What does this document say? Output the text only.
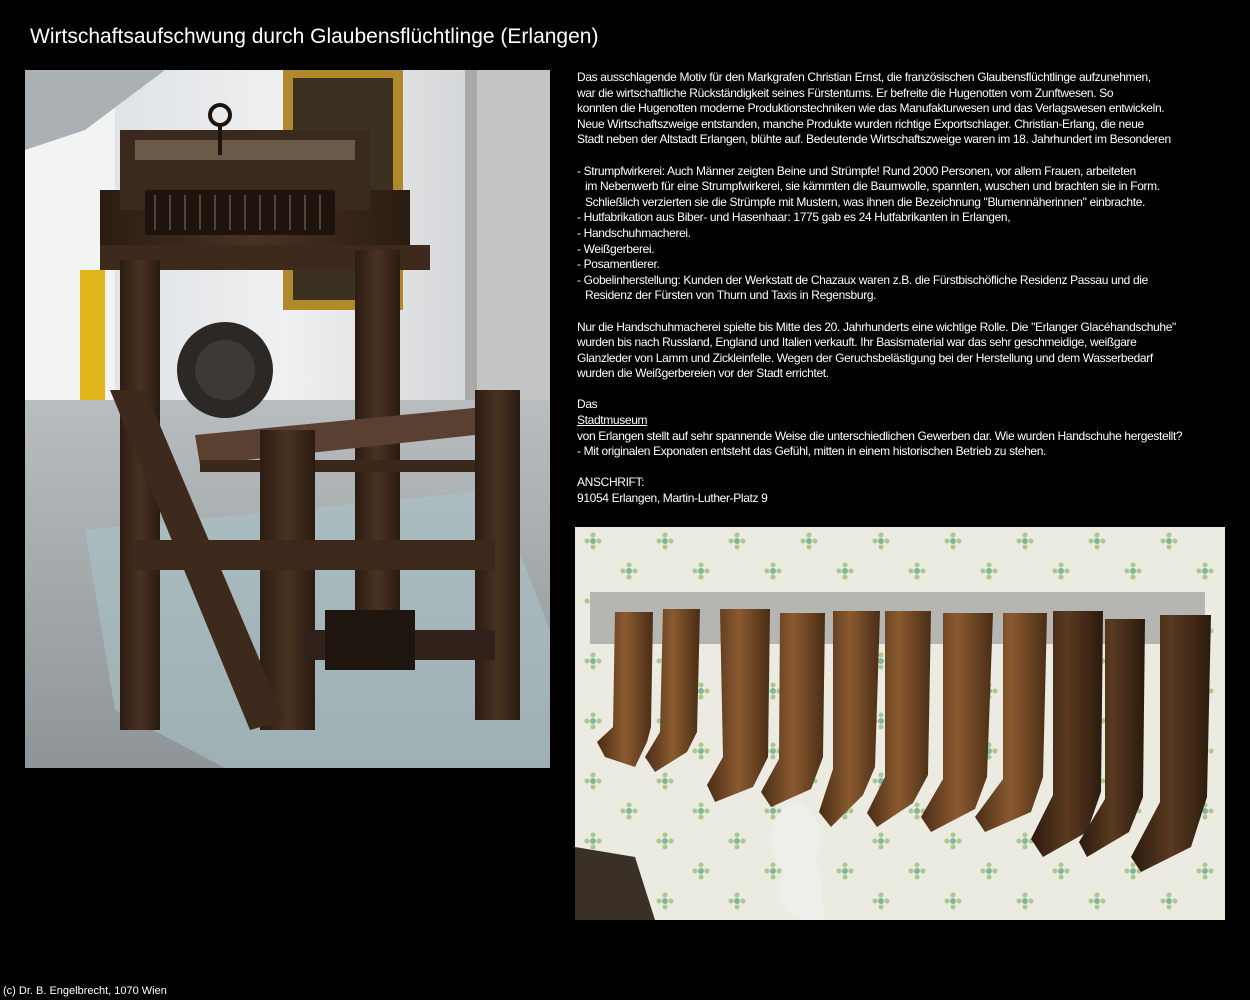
Wirtschaftsaufschwung durch Glaubensflüchtlinge (Erlangen)

Das ausschlagende Motiv für den Markgrafen Christian Ernst, die französischen Glaubensflüchtlinge aufzunehmen,
war die wirtschaftliche Rückständigkeit seines Fürstentums. Er befreite die Hugenotten vom Zunftwesen. So
konnten die Hugenotten moderne Produktionstechniken wie das Manufakturwesen und das Verlagswesen entwickeln.
Neue Wirtschaftszweige entstanden, manche Produkte wurden richtige Exportschlager. Christian-Erlang, die neue
Stadt neben der Altstadt Erlangen, blühte auf. Bedeutende Wirtschaftszweige waren im 18. Jahrhundert im Besonderen

- Strumpfwirkerei: Auch Männer zeigten Beine und Strümpfe! Rund 2000 Personen, vor allem Frauen, arbeiteten
im Nebenwerb für eine Strumpfwirkerei, sie kämmten die Baumwolle, spannten, wuschen und brachten sie in Form.
Schließlich verzierten sie die Strümpfe mit Mustern, was ihnen die Bezeichnung "Blumennäherinnen" einbrachte.
- Hutfabrikation aus Biber- und Hasenhaar: 1775 gab es 24 Hutfabrikanten in Erlangen,
- Handschuhmacherei.
- Weißgerberei.
- Posamentierer.
- Gobelinherstellung: Kunden der Werkstatt de Chazaux waren z.B. die Fürstbischöfliche Residenz Passau und die
Residenz der Fürsten von Thurn und Taxis in Regensburg.

Nur die Handschuhmacherei spielte bis Mitte des 20. Jahrhunderts eine wichtige Rolle. Die "Erlanger Glacéhandschuhe"
wurden bis nach Russland, England und Italien verkauft. Ihr Basismaterial war das sehr geschmeidige, weißgare
Glanzleder von Lamm und Zickleinfelle. Wegen der Geruchsbelästigung bei der Herstellung und dem Wasserbedarf
wurden die Weißgerbereien vor der Stadt errichtet.

Das
Stadtmuseum
von Erlangen stellt auf sehr spannende Weise die unterschiedlichen Gewerben dar. Wie wurden Handschuhe hergestellt?
- Mit originalen Exponaten entsteht das Gefühl, mitten in einem historischen Betrieb zu stehen.

ANSCHRIFT:
91054 Erlangen, Martin-Luther-Platz 9

(c) Dr. B. Engelbrecht, 1070 Wien
